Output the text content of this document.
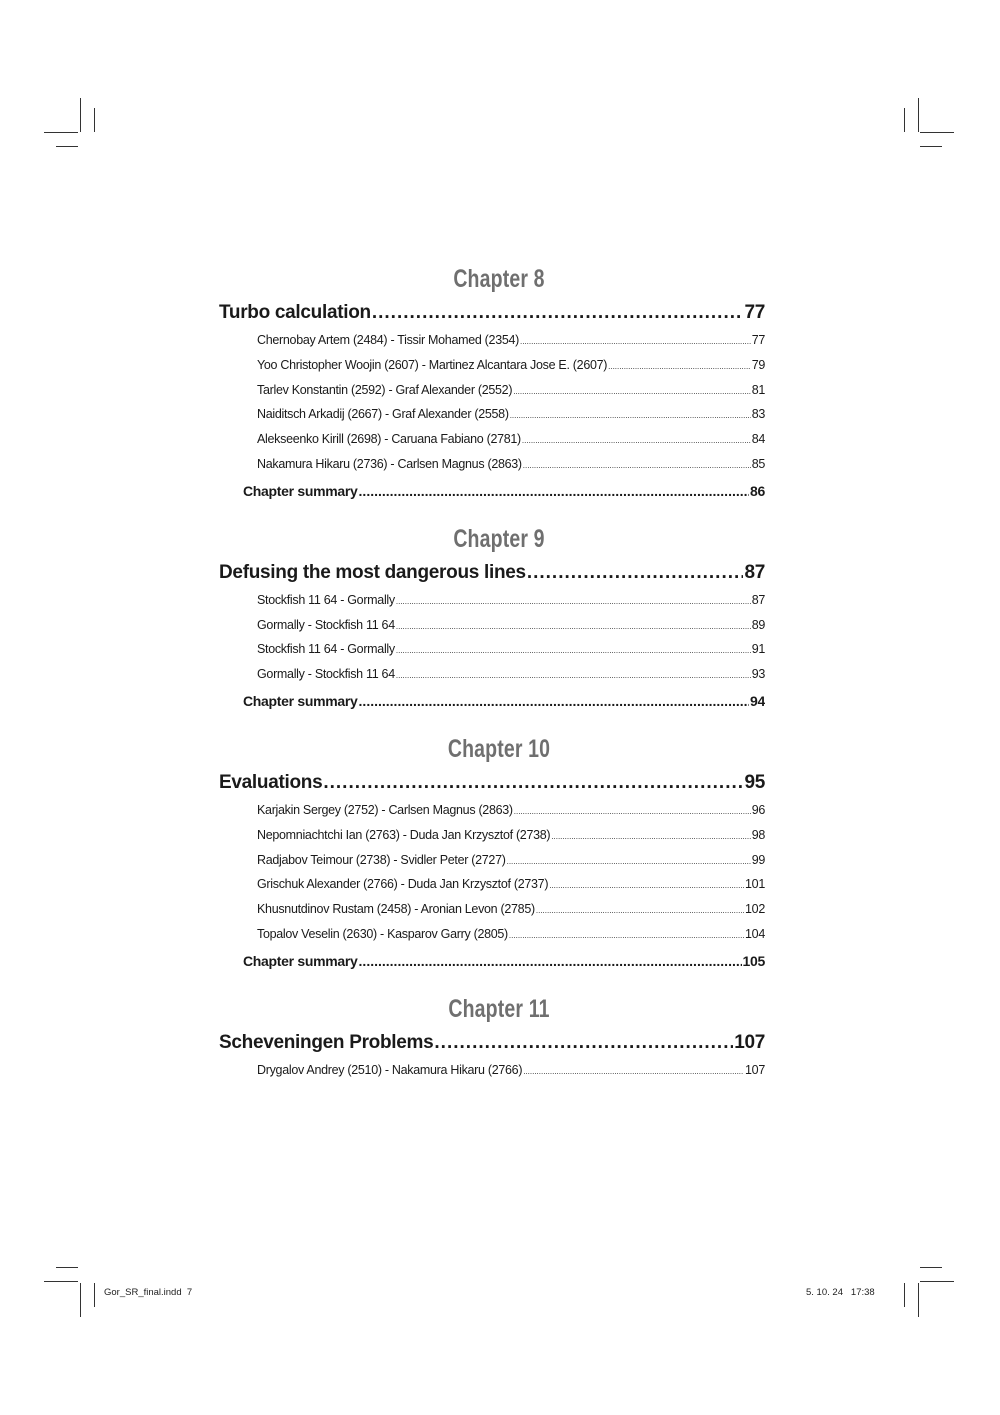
Chapter 8
Turbo calculation .....	77
Chernobay Artem (2484) - Tissir Mohamed (2354) .....	77
Yoo Christopher Woojin (2607) - Martinez Alcantara Jose E. (2607) .....	79
Tarlev Konstantin (2592) - Graf Alexander (2552) .....	81
Naiditsch Arkadij (2667) - Graf Alexander (2558) .....	83
Alekseenko Kirill (2698) - Caruana Fabiano (2781) .....	84
Nakamura Hikaru (2736) - Carlsen Magnus (2863) .....	85
Chapter summary .....	86
Chapter 9
Defusing the most dangerous lines .....	87
Stockfish 11 64 - Gormally .....	87
Gormally - Stockfish 11 64 .....	89
Stockfish 11 64 - Gormally .....	91
Gormally - Stockfish 11 64 .....	93
Chapter summary .....	94
Chapter 10
Evaluations .....	95
Karjakin Sergey (2752) - Carlsen Magnus (2863) .....	96
Nepomniachtchi Ian (2763) - Duda Jan Krzysztof (2738) .....	98
Radjabov Teimour (2738) - Svidler Peter (2727) .....	99
Grischuk Alexander (2766) - Duda Jan Krzysztof (2737) .....	101
Khusnutdinov Rustam (2458) - Aronian Levon (2785) .....	102
Topalov Veselin (2630) - Kasparov Garry (2805) .....	104
Chapter summary .....	105
Chapter 11
Scheveningen Problems .....	107
Drygalov Andrey (2510) - Nakamura Hikaru (2766) .....	107
Gor_SR_final.indd 7	5. 10. 24 17:38
